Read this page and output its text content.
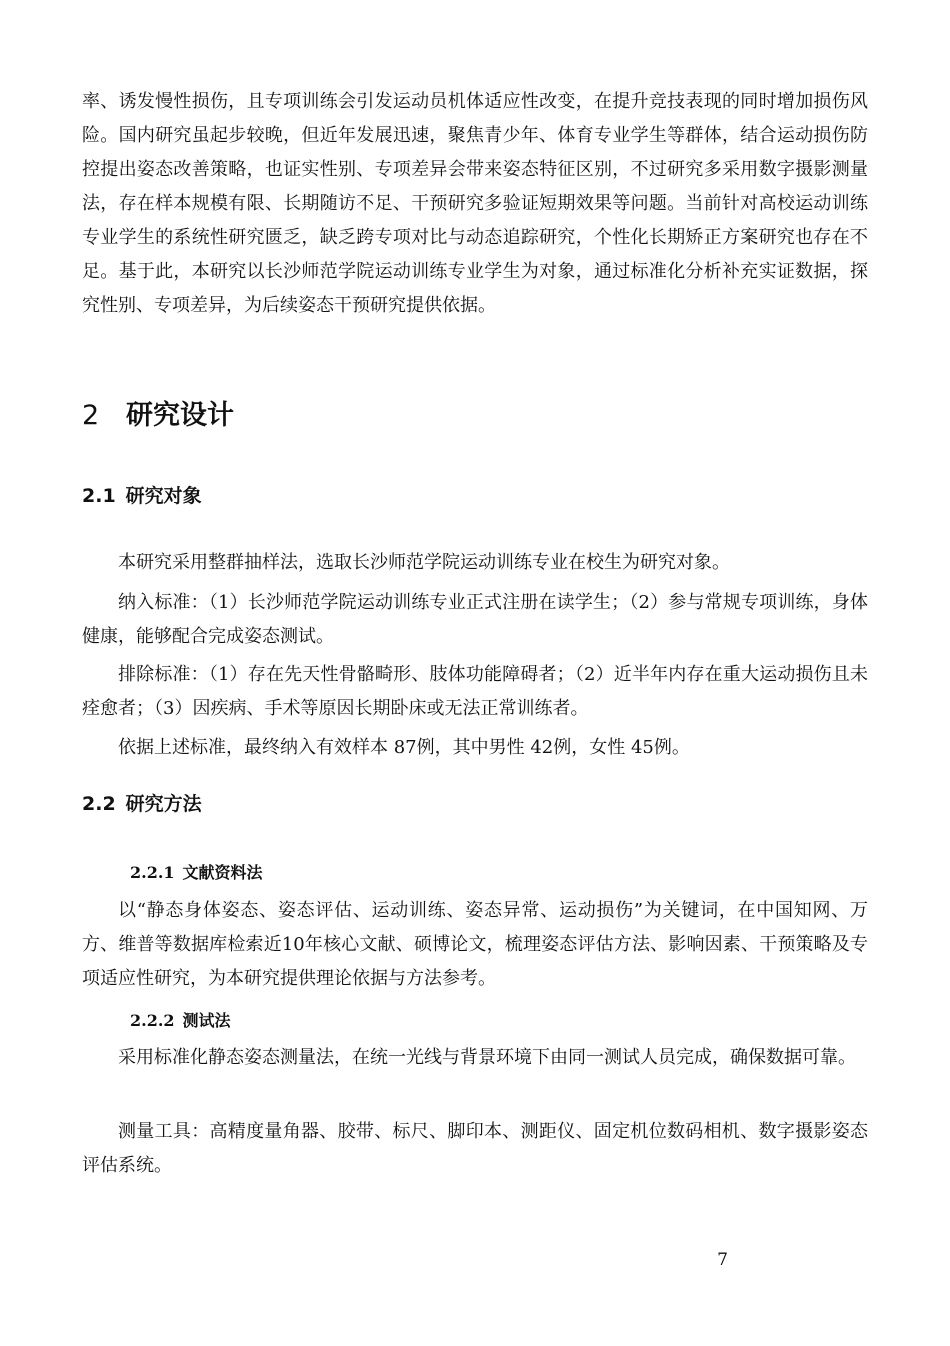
率、诱发慢性损伤，且专项训练会引发运动员机体适应性改变，在提升竞技表现的同时增加损伤风险。国内研究虽起步较晚，但近年发展迅速，聚焦青少年、体育专业学生等群体，结合运动损伤防控提出姿态改善策略，也证实性别、专项差异会带来姿态特征区别，不过研究多采用数字摄影测量法，存在样本规模有限、长期随访不足、干预研究多验证短期效果等问题。当前针对高校运动训练专业学生的系统性研究匮乏，缺乏跨专项对比与动态追踪研究，个性化长期矫正方案研究也存在不足。基于此，本研究以长沙师范学院运动训练专业学生为对象，通过标准化分析补充实证数据，探究性别、专项差异，为后续姿态干预研究提供依据。

2 研究设计
2.1 研究对象

本研究采用整群抽样法，选取长沙师范学院运动训练专业在校生为研究对象。

纳入标准：（1）长沙师范学院运动训练专业正式注册在读学生；（2）参与常规专项训练，身体健康，能够配合完成姿态测试。

排除标准：（1）存在先天性骨骼畸形、肢体功能障碍者；（2）近半年内存在重大运动损伤且未痊愈者；（3）因疾病、手术等原因长期卧床或无法正常训练者。

依据上述标准，最终纳入有效样本 87例，其中男性 42例，女性 45例。

2.2 研究方法
2.2.1 文献资料法

以“静态身体姿态、姿态评估、运动训练、姿态异常、运动损伤”为关键词，在中国知网、万方、维普等数据库检索近10年核心文献、硕博论文，梳理姿态评估方法、影响因素、干预策略及专项适应性研究，为本研究提供理论依据与方法参考。

2.2.2 测试法

采用标准化静态姿态测量法，在统一光线与背景环境下由同一测试人员完成，确保数据可靠。

测量工具：高精度量角器、胶带、标尺、脚印本、测距仪、固定机位数码相机、数字摄影姿态评估系统。

7
